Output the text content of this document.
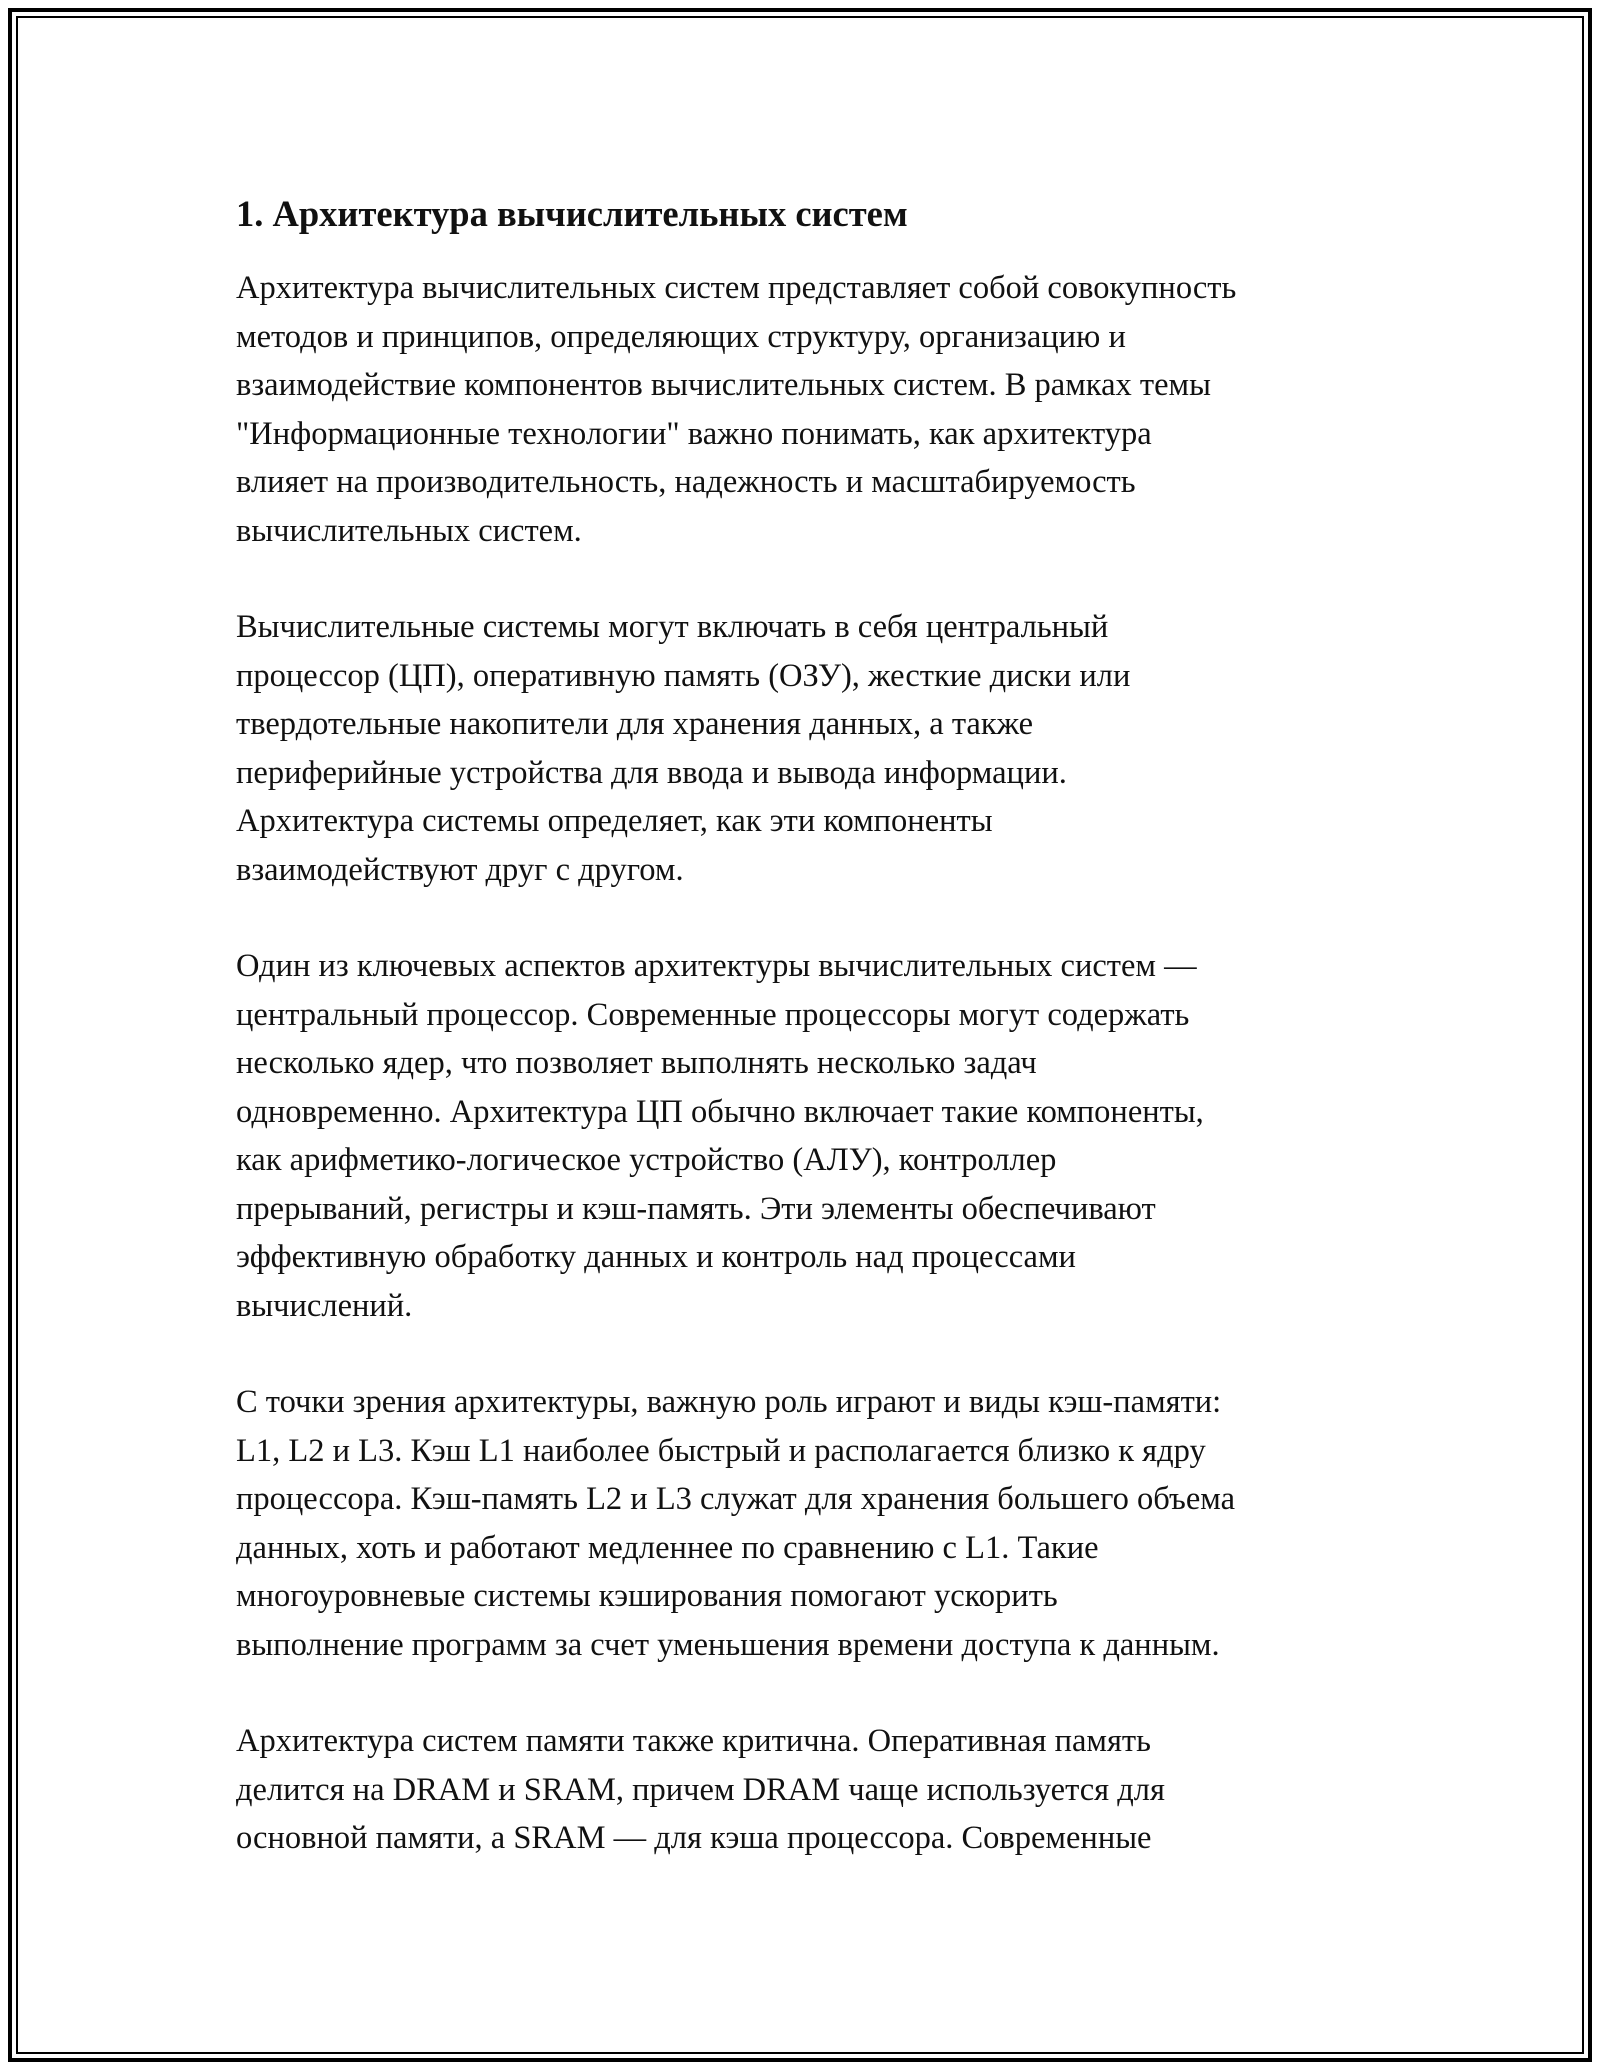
1. Архитектура вычислительных систем

Архитектура вычислительных систем представляет собой совокупность
методов и принципов, определяющих структуру, организацию и
взаимодействие компонентов вычислительных систем. В рамках темы
"Информационные технологии" важно понимать, как архитектура
влияет на производительность, надежность и масштабируемость
вычислительных систем.

Вычислительные системы могут включать в себя центральный
процессор (ЦП), оперативную память (ОЗУ), жесткие диски или
твердотельные накопители для хранения данных, а также
периферийные устройства для ввода и вывода информации.
Архитектура системы определяет, как эти компоненты
взаимодействуют друг с другом.

Один из ключевых аспектов архитектуры вычислительных систем —
центральный процессор. Современные процессоры могут содержать
несколько ядер, что позволяет выполнять несколько задач
одновременно. Архитектура ЦП обычно включает такие компоненты,
как арифметико-логическое устройство (АЛУ), контроллер
прерываний, регистры и кэш-память. Эти элементы обеспечивают
эффективную обработку данных и контроль над процессами
вычислений.

С точки зрения архитектуры, важную роль играют и виды кэш-памяти:
L1, L2 и L3. Кэш L1 наиболее быстрый и располагается близко к ядру
процессора. Кэш-память L2 и L3 служат для хранения большего объема
данных, хоть и работают медленнее по сравнению с L1. Такие
многоуровневые системы кэширования помогают ускорить
выполнение программ за счет уменьшения времени доступа к данным.

Архитектура систем памяти также критична. Оперативная память
делится на DRAM и SRAM, причем DRAM чаще используется для
основной памяти, а SRAM — для кэша процессора. Современные
